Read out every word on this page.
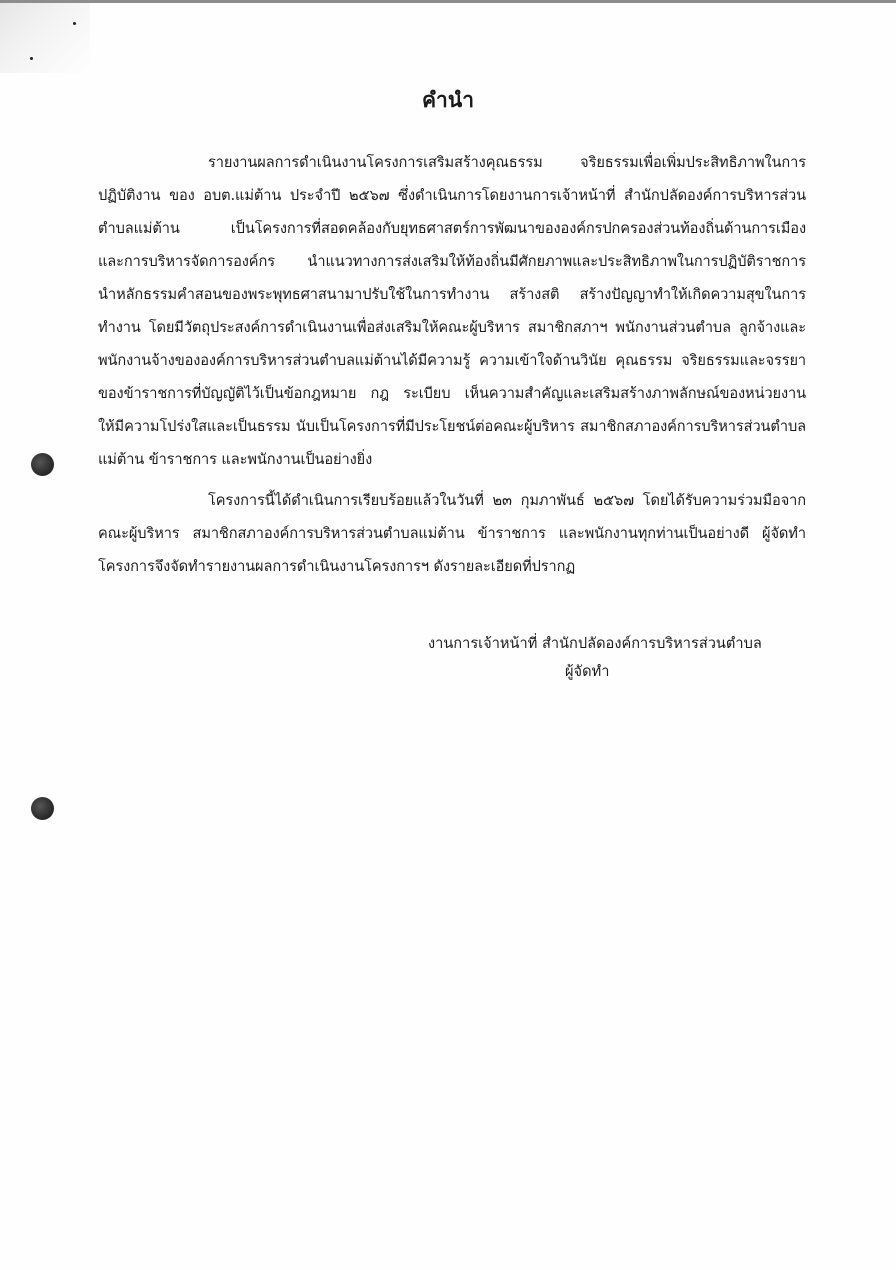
คำนำ
รายงานผลการดำเนินงานโครงการเสริมสร้างคุณธรรม จริยธรรมเพื่อเพิ่มประสิทธิภาพในการ
ปฏิบัติงาน ของ อบต.แม่ต้าน ประจำปี ๒๕๖๗ ซึ่งดำเนินการโดยงานการเจ้าหน้าที่ สำนักปลัดองค์การบริหารส่วน
ตำบลแม่ต้าน เป็นโครงการที่สอดคล้องกับยุทธศาสตร์การพัฒนาขององค์กรปกครองส่วนท้องถิ่นด้านการเมือง
และการบริหารจัดการองค์กร นำแนวทางการส่งเสริมให้ท้องถิ่นมีศักยภาพและประสิทธิภาพในการปฏิบัติราชการ
นำหลักธรรมคำสอนของพระพุทธศาสนามาปรับใช้ในการทำงาน สร้างสติ สร้างปัญญาทำให้เกิดความสุขในการ
ทำงาน โดยมีวัตถุประสงค์การดำเนินงานเพื่อส่งเสริมให้คณะผู้บริหาร สมาชิกสภาฯ พนักงานส่วนตำบล ลูกจ้างและ
พนักงานจ้างขององค์การบริหารส่วนตำบลแม่ต้านได้มีความรู้ ความเข้าใจด้านวินัย คุณธรรม จริยธรรมและจรรยา
ของข้าราชการที่บัญญัติไว้เป็นข้อกฎหมาย กฎ ระเบียบ เห็นความสำคัญและเสริมสร้างภาพลักษณ์ของหน่วยงาน
ให้มีความโปร่งใสและเป็นธรรม นับเป็นโครงการที่มีประโยชน์ต่อคณะผู้บริหาร สมาชิกสภาองค์การบริหารส่วนตำบล
แม่ต้าน ข้าราชการ และพนักงานเป็นอย่างยิ่ง
โครงการนี้ได้ดำเนินการเรียบร้อยแล้วในวันที่ ๒๓ กุมภาพันธ์ ๒๕๖๗ โดยได้รับความร่วมมือจาก
คณะผู้บริหาร สมาชิกสภาองค์การบริหารส่วนตำบลแม่ต้าน ข้าราชการ และพนักงานทุกท่านเป็นอย่างดี ผู้จัดทำ
โครงการจึงจัดทำรายงานผลการดำเนินงานโครงการฯ ดังรายละเอียดที่ปรากฏ
งานการเจ้าหน้าที่ สำนักปลัดองค์การบริหารส่วนตำบล
ผู้จัดทำ
